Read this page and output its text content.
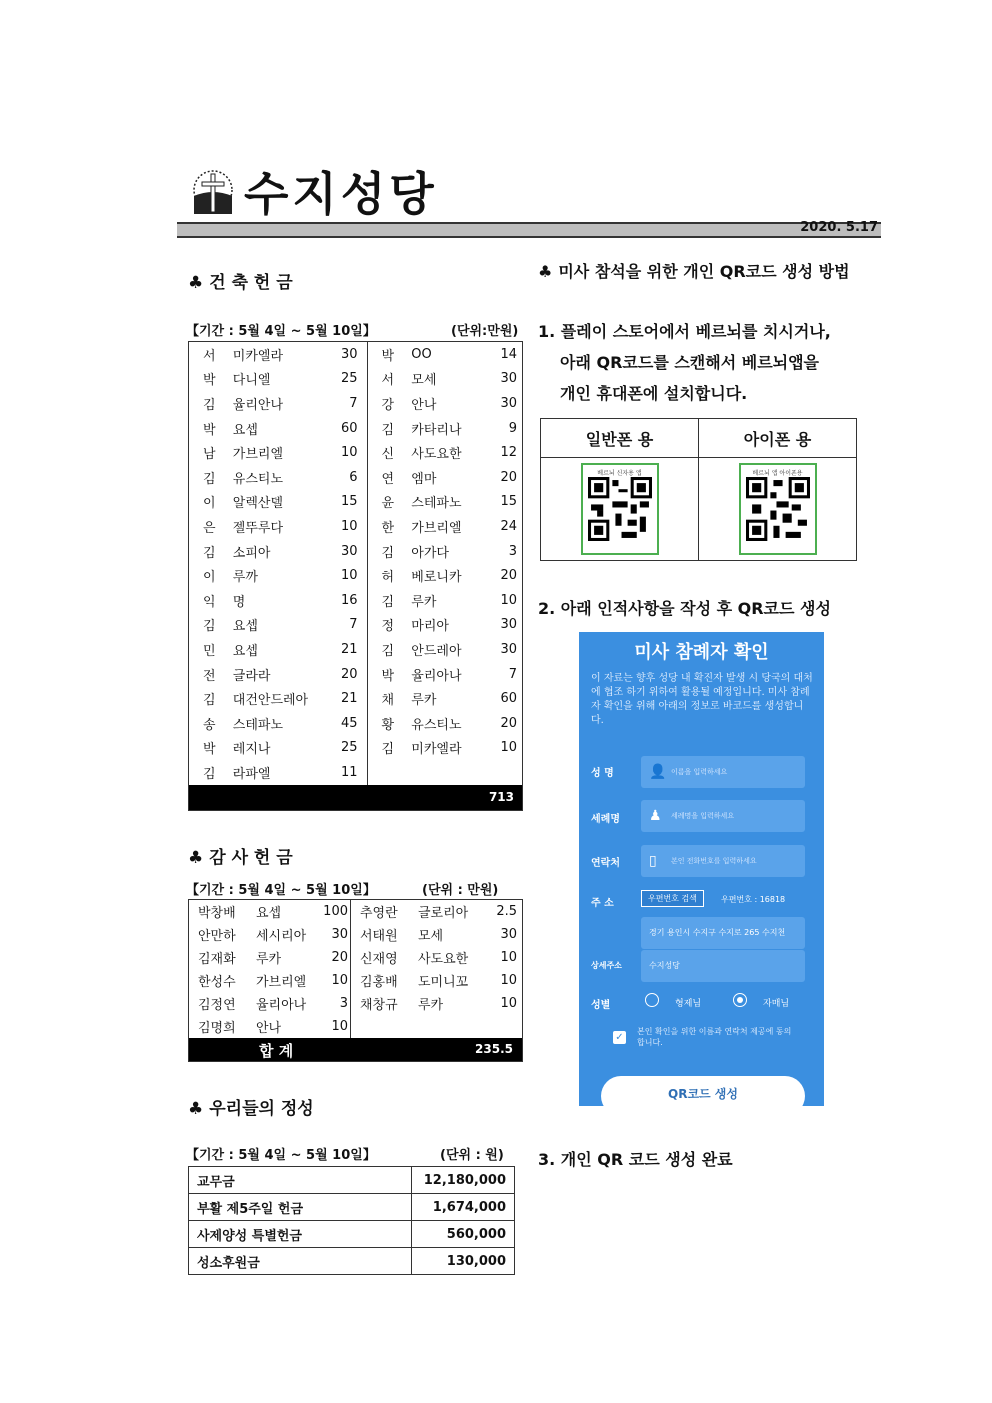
수지성당
2020. 5.17
♣ 건 축 헌 금
【기간 : 5월 4일 ~ 5월 10일】	(단위:만원)
서	미카엘라	30	박	OO	14
박	다니엘	25	서	모세	30
김	율리안나	7	강	안나	30
박	요셉	60	김	카타리나	9
남	가브리엘	10	신	사도요한	12
김	유스티노	6	연	엠마	20
이	알렉산델	15	윤	스테파노	15
은	젤뚜루다	10	한	가브리엘	24
김	소피아	30	김	아가다	3
이	루까	10	허	베로니카	20
익	명	16	김	루카	10
김	요셉	7	정	마리아	30
민	요셉	21	김	안드레아	30
전	글라라	20	박	율리아나	7
김	대건안드레아	21	채	루카	60
송	스테파노	45	황	유스티노	20
박	레지나	25	김	미카엘라	10
김	라파엘	11			
713					
♣ 감 사 헌 금
【기간 : 5월 4일 ~ 5월 10일】	(단위 : 만원)
박창배	요셉	100	추영란	글로리아	2.5
안만하	세시리아	30	서태원	모세	30
김재화	루카	20	신재영	사도요한	10
한성수	가브리엘	10	김홍배	도미니꼬	10
김정연	율리아나	3	채창규	루카	10
김명희	안나	10			

합 계 235.5					
♣ 우리들의 정성
【기간 : 5월 4일 ~ 5월 10일】	(단위 : 원)
교무금	12,180,000
부활 제5주일 헌금	1,674,000
사제양성 특별헌금	560,000
성소후원금	130,000
♣ 미사 참석을 위한 개인 QR코드 생성 방법
1. 플레이 스토어에서 베르뇌를 치시거나,
아래 QR코드를 스캔해서 베르뇌앱을
개인 휴대폰에 설치합니다.
일반폰 용	아이폰 용

베르뇌 신자용 앱	베르뇌 앱 아이폰용
2. 아래 인적사항을 작성 후 QR코드 생성
미사 참례자 확인
이 자료는 향후 성당 내 확진자 발생 시 당국의 대처에 협조 하기 위하여 활용될 예정입니다. 미사 참례자 확인을 위해 아래의 정보로 바코드를 생성합니다.
성 명	👤 이름을 입력하세요
세례명 ♟ 세례명을 입력하세요
연락처 ▯ 본인 전화번호를 입력하세요
주 소	우편번호 검색	우편번호 : 16818
경기 용인시 수지구 수지로 265 수지천
상세주소	수지성당
성별	형제님	자매님
✓
본인 확인을 위한 이름과 연락처 제공에 동의 합니다.
QR코드 생성
3. 개인 QR 코드 생성 완료
